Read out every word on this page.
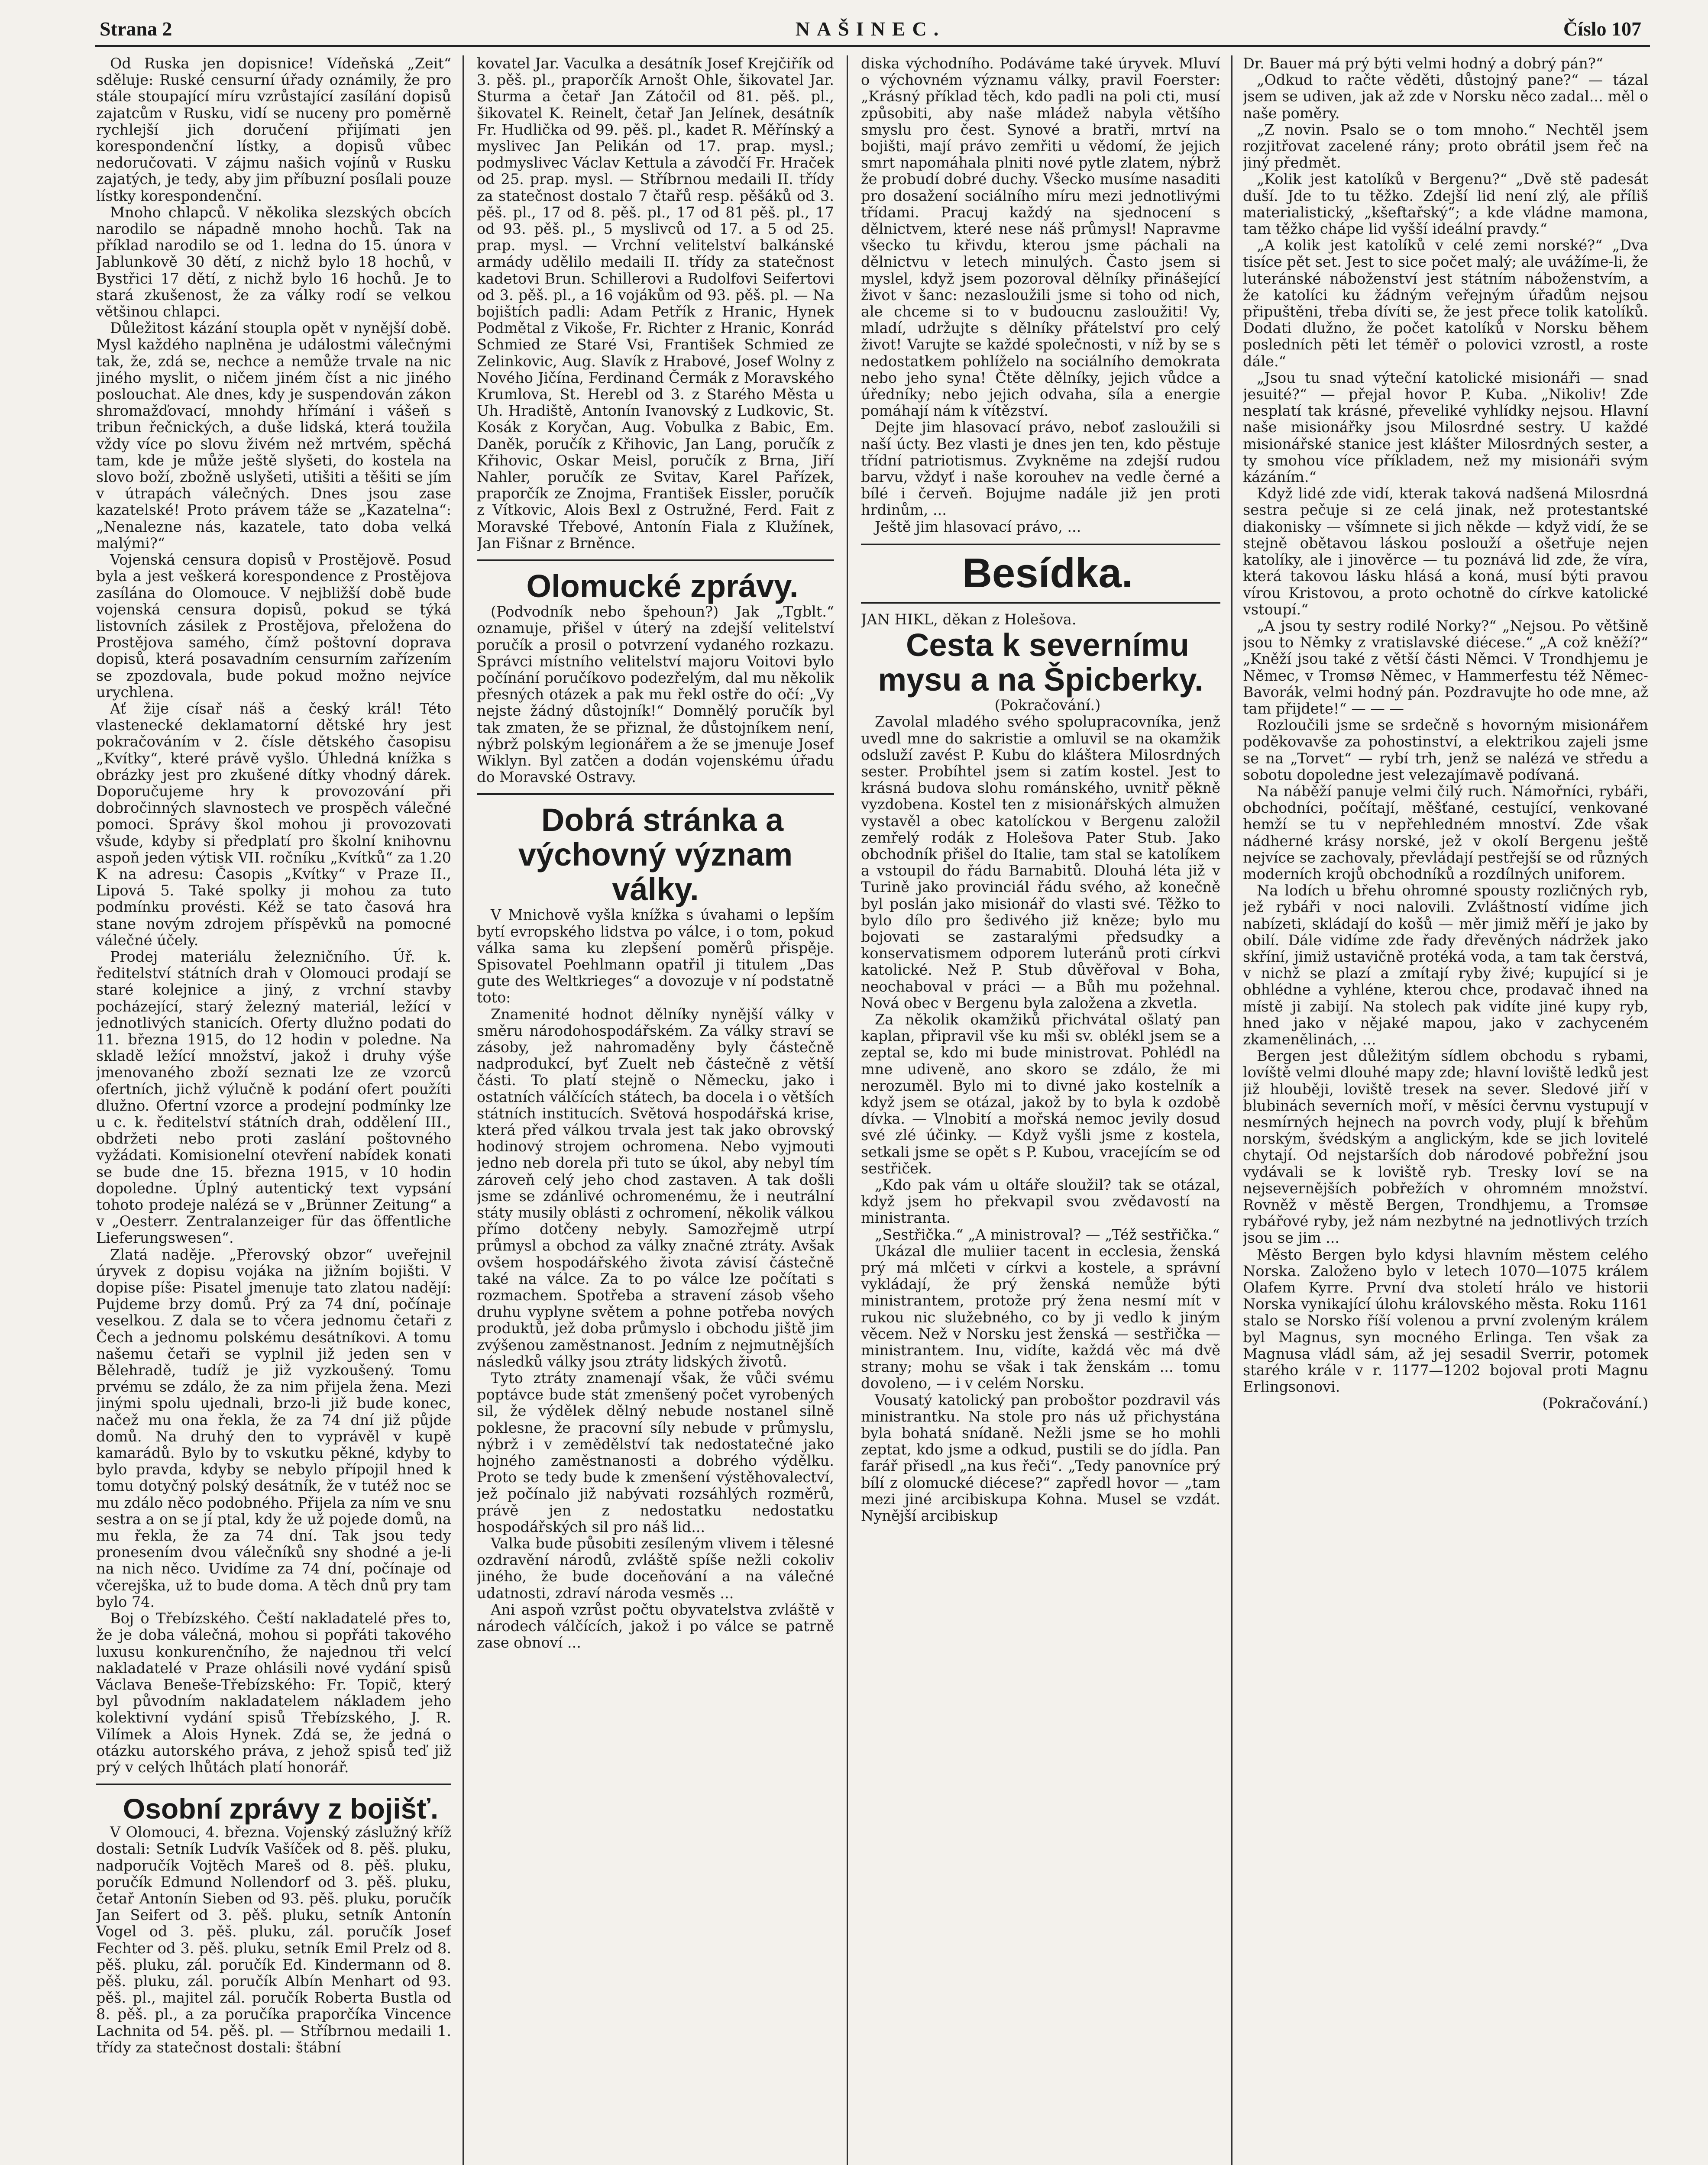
Strana 2	NAŠINEC.	Číslo 107

Od Ruska jen dopisnice! Vídeňská „Zeit“ sděluje: Ruské censurní úřady oznámily, že pro stále stoupající míru vzrůstající zasílání dopisů zajatcům v Rusku, vidí se nuceny pro poměrně rychlejší jich doručení přijímati jen korespondenční lístky, a dopisů vůbec nedoručovati. V zájmu našich vojínů v Rusku zajatých, je tedy, aby jim příbuzní posílali pouze lístky korespondenční.

Mnoho chlapců. V několika slezských obcích narodilo se nápadně mnoho hochů. Tak na příklad narodilo se od 1. ledna do 15. února v Jablunkově 30 dětí, z nichž bylo 18 hochů, v Bystřici 17 dětí, z nichž bylo 16 hochů. Je to stará zkušenost, že za války rodí se velkou většinou chlapci.

Důležitost kázání stoupla opět v nynější době. Mysl každého naplněna je událostmi válečnými tak, že, zdá se, nechce a nemůže trvale na nic jiného myslit, o ničem jiném číst a nic jiného poslouchat. Ale dnes, kdy je suspendován zákon shromažďovací, mnohdy hřímání i vášeň s tribun řečnických, a duše lidská, která toužila vždy více po slovu živém než mrtvém, spěchá tam, kde je může ještě slyšeti, do kostela na slovo boží, zbožně uslyšeti, utišiti a těšiti se jím v útrapách válečných. Dnes jsou zase kazatelské! Proto právem táže se „Kazatelna“: „Nenalezne nás, kazatele, tato doba velká malými?“

Vojenská censura dopisů v Prostějově. Posud byla a jest veškerá korespondence z Prostějova zasílána do Olomouce. V nejbližší době bude vojenská censura dopisů, pokud se týká listovních zásilek z Prostějova, přeložena do Prostějova samého, čímž poštovní doprava dopisů, která posavadním censurním zařízením se zpozdovala, bude pokud možno nejvíce urychlena.

Ať žije císař náš a český král! Této vlastenecké deklamatorní dětské hry jest pokračováním v 2. čísle dětského časopisu „Kvítky“, které právě vyšlo. Úhledná knížka s obrázky jest pro zkušené dítky vhodný dárek. Doporučujeme hry k provozování při dobročinných slavnostech ve prospěch válečné pomoci. Správy škol mohou ji provozovati všude, kdyby si předplatí pro školní knihovnu aspoň jeden výtisk VII. ročníku „Kvítků“ za 1.20 K na adresu: Časopis „Kvítky“ v Praze II., Lipová 5. Také spolky ji mohou za tuto podmínku provésti. Kéž se tato časová hra stane novým zdrojem příspěvků na pomocné válečné účely.

Prodej materiálu železničního. Úř. k. ředitelství státních drah v Olomouci prodají se staré kolejnice a jiný, z vrchní stavby pocházející, starý železný materiál, ležící v jednotlivých stanicích. Oferty dlužno podati do 11. března 1915, do 12 hodin v poledne. Na skladě ležící množství, jakož i druhy výše jmenovaného zboží seznati lze ze vzorců ofertních, jichž výlučně k podání ofert použíti dlužno. Ofertní vzorce a prodejní podmínky lze u c. k. ředitelství státních drah, oddělení III., obdržeti nebo proti zaslání poštovného vyžádati. Komisionelní otevření nabídek konati se bude dne 15. března 1915, v 10 hodin dopoledne. Úplný autentický text vypsání tohoto prodeje nalézá se v „Brünner Zeitung“ a v „Oesterr. Zentralanzeiger für das öffentliche Lieferungswesen“.

Zlatá naděje. „Přerovský obzor“ uveřejnil úryvek z dopisu vojáka na jižním bojišti. V dopise píše: Pisatel jmenuje tato zlatou nadějí: Pujdeme brzy domů. Prý za 74 dní, počínaje veselkou. Z dala se to včera jednomu četaři z Čech a jednomu polskému desátníkovi. A tomu našemu četaři se vyplnil již jeden sen v Bělehradě, tudíž je již vyzkoušený. Tomu prvému se zdálo, že za nim přijela žena. Mezi jinými spolu ujednali, brzo-li již bude konec, načež mu ona řekla, že za 74 dní již půjde domů. Na druhý den to vyprávěl v kupě kamarádů. Bylo by to vskutku pěkné, kdyby to bylo pravda, kdyby se nebylo přípojil hned k tomu dotyčný polský desátník, že v tutéž noc se mu zdálo něco podobného. Přijela za ním ve snu sestra a on se jí ptal, kdy že už pojede domů, na mu řekla, že za 74 dní. Tak jsou tedy pronesením dvou válečníků sny shodné a je-li na nich něco. Uvidíme za 74 dní, počínaje od včerejška, už to bude doma. A těch dnů pry tam bylo 74.

Boj o Třebízského. Čeští nakladatelé přes to, že je doba válečná, mohou si popřáti takového luxusu konkurenčního, že najednou tři velcí nakladatelé v Praze ohlásili nové vydání spisů Václava Beneše-Třebízského: Fr. Topič, který byl původním nakladatelem nákladem jeho kolektivní vydání spisů Třebízského, J. R. Vilímek a Alois Hynek. Zdá se, že jedná o otázku autorského práva, z jehož spisů teď již prý v celých lhůtách platí honorář.

Osobní zprávy z bojišť.

V Olomouci, 4. března. Vojenský záslužný kříž dostali: Setník Ludvík Vašíček od 8. pěš. pluku, nadporučík Vojtěch Mareš od 8. pěš. pluku, poručík Edmund Nollendorf od 3. pěš. pluku, četař Antonín Sieben od 93. pěš. pluku, poručík Jan Seifert od 3. pěš. pluku, setník Antonín Vogel od 3. pěš. pluku, zál. poručík Josef Fechter od 3. pěš. pluku, setník Emil Prelz od 8. pěš. pluku, zál. poručík Ed. Kindermann od 8. pěš. pluku, zál. poručík Albín Menhart od 93. pěš. pl., majitel zál. poručík Roberta Bustla od 8. pěš. pl., a za poručíka praporčíka Vincence Lachnita od 54. pěš. pl. — Stříbrnou medaili 1. třídy za statečnost dostali: štábní

kovatel Jar. Vaculka a desátník Josef Krejčiřík od 3. pěš. pl., praporčík Arnošt Ohle, šikovatel Jar. Sturma a četař Jan Zátočil od 81. pěš. pl., šikovatel K. Reinelt, četař Jan Jelínek, desátník Fr. Hudlička od 99. pěš. pl., kadet R. Měřínský a myslivec Jan Pelikán od 17. prap. mysl.; podmyslivec Václav Kettula a závodčí Fr. Hraček od 25. prap. mysl. — Stříbrnou medaili II. třídy za statečnost dostalo 7 čtařů resp. pěšáků od 3. pěš. pl., 17 od 8. pěš. pl., 17 od 81 pěš. pl., 17 od 93. pěš. pl., 5 myslivců od 17. a 5 od 25. prap. mysl. — Vrchní velitelství balkánské armády udělilo medaili II. třídy za statečnost kadetovi Brun. Schillerovi a Rudolfovi Seifertovi od 3. pěš. pl., a 16 vojákům od 93. pěš. pl. — Na bojištích padli: Adam Petřík z Hranic, Hynek Podmětal z Vikoše, Fr. Richter z Hranic, Konrád Schmied ze Staré Vsi, František Schmied ze Zelinkovic, Aug. Slavík z Hrabové, Josef Wolny z Nového Jičína, Ferdinand Čermák z Moravského Krumlova, St. Herebl od 3. z Starého Města u Uh. Hradiště, Antonín Ivanovský z Ludkovic, St. Kosák z Koryčan, Aug. Vobulka z Babic, Em. Daněk, poručík z Křihovic, Jan Lang, poručík z Křihovic, Oskar Meisl, poručík z Brna, Jiří Nahler, poručík ze Svitav, Karel Pařízek, praporčík ze Znojma, František Eissler, poručík z Vítkovic, Alois Bexl z Ostružné, Ferd. Fait z Moravské Třebové, Antonín Fiala z Klužínek, Jan Fišnar z Brněnce.

Olomucké zprávy.

(Podvodník nebo špehoun?) Jak „Tgblt.“ oznamuje, přišel v úterý na zdejší velitelství poručík a prosil o potvrzení vydaného rozkazu. Správci místního velitelství majoru Voitovi bylo počínání poručíkovo podezřelým, dal mu několik přesných otázek a pak mu řekl ostře do očí: „Vy nejste žádný důstojník!“ Domnělý poručík byl tak zmaten, že se přiznal, že důstojníkem není, nýbrž polským legionářem a že se jmenuje Josef Wiklyn. Byl zatčen a dodán vojenskému úřadu do Moravské Ostravy.

Dobrá stránka a výchovný význam války.

V Mnichově vyšla knížka s úvahami o lepším bytí evropského lidstva po válce, i o tom, pokud válka sama ku zlepšení poměrů přispěje. Spisovatel Poehlmann opatřil ji titulem „Das gute des Weltkrieges“ a dovozuje v ní podstatně toto:

Znamenité hodnot dělníky nynější války v směru národohospodářském. Za války straví se zásoby, jež nahromaděny byly částečně nadprodukcí, byť Zuelt neb částečně z větší části. To platí stejně o Německu, jako i ostatních válčících státech, ba docela i o větších státních institucích. Světová hospodářská krise, která před válkou trvala jest tak jako obrovský hodinový strojem ochromena. Nebo vyjmouti jedno neb dorela při tuto se úkol, aby nebyl tím zároveň celý jeho chod zastaven. A tak došli jsme se zdánlivé ochromenému, že i neutrální státy musily oblásti z ochromení, několik válkou přímo dotčeny nebyly. Samozřejmě utrpí průmysl a obchod za války značné ztráty. Avšak ovšem hospodářského života závisí částečně také na válce. Za to po válce lze počítati s rozmachem. Spotřeba a stravení zásob všeho druhu vyplyne světem a pohne potřeba nových produktů, jež doba průmyslo i obchodu jiště jim zvýšenou zaměstnanost. Jedním z nejmutnějších následků války jsou ztráty lidských životů.

Tyto ztráty znamenají však, že vůči svému poptávce bude stát zmenšený počet vyrobených sil, že výdělek dělný nebude nostanel silně poklesne, že pracovní síly nebude v průmyslu, nýbrž i v zemědělství tak nedostatečné jako hojného zaměstnanosti a dobrého výdělku. Proto se tedy bude k zmenšení výstěhovalectví, jež počínalo již nabývati rozsáhlých rozměrů, právě jen z nedostatku nedostatku hospodářských sil pro náš lid...

Valka bude působiti zesíleným vlivem i tělesné ozdravění národů, zvláště spíše nežli cokoliv jiného, že bude doceňování a na válečné udatnosti, zdraví národa vesměs ...

Ani aspoň vzrůst počtu obyvatelstva zvláště v národech válčících, jakož i po válce se patrně zase obnoví ...

diska východního. Podáváme také úryvek. Mluví o výchovném významu války, pravil Foerster: „Krásný příklad těch, kdo padli na poli cti, musí způsobiti, aby naše mládež nabyla většího smyslu pro čest. Synové a bratři, mrtví na bojišti, mají právo zemřiti u vědomí, že jejich smrt napomáhala plniti nové pytle zlatem, nýbrž že probudí dobré duchy. Všecko musíme nasaditi pro dosažení sociálního míru mezi jednotlivými třídami. Pracuj každý na sjednocení s dělnictvem, které nese náš průmysl! Napravme všecko tu křivdu, kterou jsme páchali na dělnictvu v letech minulých. Často jsem si myslel, když jsem pozoroval dělníky přinášející život v šanc: nezasloužili jsme si toho od nich, ale chceme si to v budoucnu zasloužiti! Vy, mladí, udržujte s dělníky přátelství pro celý život! Varujte se každé společnosti, v níž by se s nedostatkem pohlíželo na sociálního demokrata nebo jeho syna! Čtěte dělníky, jejich vůdce a úředníky; nebo jejich odvaha, síla a energie pomáhají nám k vítězství.

Dejte jim hlasovací právo, neboť zasloužili si naší úcty. Bez vlasti je dnes jen ten, kdo pěstuje třídní patriotismus. Zvykněme na zdejší rudou barvu, vždyť i naše korouhev na vedle černé a bílé i červeň. Bojujme nadále již jen proti hrdinům, ...

Ještě jim hlasovací právo, ...

Besídka.

JAN HIKL, děkan z Holešova.

Cesta k severnímu mysu a na Špicberky.

(Pokračování.)

Zavolal mladého svého spolupracovníka, jenž uvedl mne do sakristie a omluvil se na okamžik odsluží zavést P. Kubu do kláštera Milosrdných sester. Probíhtel jsem si zatím kostel. Jest to krásná budova slohu románského, uvnitř pěkně vyzdobena. Kostel ten z misionářských almužen vystavěl a obec katolíckou v Bergenu založil zemřelý rodák z Holešova Pater Stub. Jako obchodník přišel do Italie, tam stal se katolíkem a vstoupil do řádu Barnabitů. Dlouhá léta již v Turině jako provinciál řádu svého, až konečně byl poslán jako misionář do vlasti své. Těžko to bylo dílo pro šedivého již kněze; bylo mu bojovati se zastaralými předsudky a konservatismem odporem luteránů proti církvi katolické. Než P. Stub důvěřoval v Boha, neochaboval v práci — a Bůh mu požehnal. Nová obec v Bergenu byla založena a zkvetla.

Za několik okamžiků přichvátal ošlatý pan kaplan, připravil vše ku mši sv. oblékl jsem se a zeptal se, kdo mi bude ministrovat. Pohlédl na mne udiveně, ano skoro se zdálo, že mi nerozuměl. Bylo mi to divné jako kostelník a když jsem se otázal, jakož by to byla k ozdobě dívka. — Vlnobití a mořská nemoc jevily dosud své zlé účinky. — Když vyšli jsme z kostela, setkali jsme se opět s P. Kubou, vracejícím se od sestřiček.

„Kdo pak vám u oltáře sloužil? tak se otázal, když jsem ho překvapil svou zvědavostí na ministranta.

„Sestřička.“ „A ministroval? — „Též sestřička.“

Ukázal dle muliier tacent in ecclesia, ženská prý má mlčeti v církvi a kostele, a správní vykládají, že prý ženská nemůže býti ministrantem, protože prý žena nesmí mít v rukou nic služebného, co by ji vedlo k jiným věcem. Než v Norsku jest ženská — sestřička — ministrantem. Inu, vidíte, každá věc má dvě strany; mohu se však i tak ženskám ... tomu dovoleno, — i v celém Norsku.

Vousatý katolický pan proboštor pozdravil vás ministrantku. Na stole pro nás už přichystána byla bohatá snídaně. Nežli jsme se ho mohli zeptat, kdo jsme a odkud, pustili se do jídla. Pan farář přisedl „na kus řeči“. „Tedy panovníce prý bílí z olomucké diécese?“ zapředl hovor — „tam mezi jiné arcibiskupa Kohna. Musel se vzdát. Nynější arcibiskup

Dr. Bauer má prý býti velmi hodný a dobrý pán?“

„Odkud to račte věděti, důstojný pane?“ — tázal jsem se udiven, jak až zde v Norsku něco zadal... měl o naše poměry.

„Z novin. Psalo se o tom mnoho.“ Nechtěl jsem rozjitřovat zacelené rány; proto obrátil jsem řeč na jiný předmět.

„Kolik jest katolíků v Bergenu?“ „Dvě stě padesát duší. Jde to tu těžko. Zdejší lid není zlý, ale příliš materialistický, „kšeftařský“; a kde vládne mamona, tam těžko chápe lid vyšší ideální pravdy.“

„A kolik jest katolíků v celé zemi norské?“ „Dva tisíce pět set. Jest to sice počet malý; ale uvážíme-li, že luteránské náboženství jest státním náboženstvím, a že katolíci ku žádným veřejným úřadům nejsou připuštěni, třeba dívíti se, že jest přece tolik katolíků. Dodati dlužno, že počet katolíků v Norsku během posledních pěti let téměř o polovici vzrostl, a roste dále.“

„Jsou tu snad výteční katolické misionáři — snad jesuité?“ — přejal hovor P. Kuba. „Nikoliv! Zde nesplatí tak krásné, převeliké vyhlídky nejsou. Hlavní naše misionářky jsou Milosrdné sestry. U každé misionářské stanice jest klášter Milosrdných sester, a ty smohou více příkladem, než my misionáři svým kázáním.“

Když lidé zde vidí, kterak taková nadšená Milosrdná sestra pečuje si ze celá jinak, než protestantské diakonisky — všímnete si jich někde — když vidí, že se stejně obětavou láskou poslouží a ošetřuje nejen katolíky, ale i jinověrce — tu poznává lid zde, že víra, která takovou lásku hlásá a koná, musí býti pravou vírou Kristovou, a proto ochotně do církve katolické vstoupí.“

„A jsou ty sestry rodilé Norky?“ „Nejsou. Po většině jsou to Němky z vratislavské diécese.“ „A což kněží?“ „Kněží jsou také z větší části Němci. V Trondhjemu je Němec, v Tromsø Němec, v Hammerfestu též Němec-Bavorák, velmi hodný pán. Pozdravujte ho ode mne, až tam přijdete!“ — — —

Rozloučili jsme se srdečně s hovorným misionářem poděkovavše za pohostinství, a elektrikou zajeli jsme se na „Torvet“ — rybí trh, jenž se nalézá ve středu a sobotu dopoledne jest velezajímavě podívaná.

Na náběží panuje velmi čilý ruch. Námořníci, rybáři, obchodníci, počítají, měšťané, cestující, venkované hemží se tu v nepřehledném mnoství. Zde však nádherné krásy norské, jež v okolí Bergenu ještě nejvíce se zachovaly, převládají pestřejší se od různých moderních krojů obchodníků a rozdílných uniforem.

Na lodích u břehu ohromné spousty rozličných ryb, jež rybáři v noci nalovili. Zvláštností vidíme jich nabízeti, skládají do košů — měr jimiž měří je jako by obilí. Dále vidíme zde řady dřevěných nádržek jako skříní, jimiž ustavičně protéká voda, a tam tak čerstvá, v nichž se plazí a zmítají ryby živé; kupující si je obhlédne a vyhléne, kterou chce, prodavač ihned na místě ji zabijí. Na stolech pak vidíte jiné kupy ryb, hned jako v nějaké mapou, jako v zachyceném zkamenělinách, ...

Bergen jest důležitým sídlem obchodu s rybami, lovíště velmi dlouhé mapy zde; hlavní loviště ledků jest již hlouběji, loviště tresek na sever. Sledové jiří v blubinách severních moří, v měsíci červnu vystupují v nesmírných hejnech na povrch vody, plují k břehům norským, švédským a anglickým, kde se jich lovitelé chytají. Od nejstarších dob národové pobřežní jsou vydávali se k loviště ryb. Tresky loví se na nejsevernějších pobřežích v ohromném množství. Rovněž v městě Bergen, Trondhjemu, a Tromsøe rybářové ryby, jež nám nezbytné na jednotlivých trzích jsou se jim ...

Město Bergen bylo kdysi hlavním městem celého Norska. Založeno bylo v letech 1070—1075 králem Olafem Kyrre. První dva století hrálo ve historii Norska vynikající úlohu královského města. Roku 1161 stalo se Norsko říší volenou a první zvoleným králem byl Magnus, syn mocného Erlinga. Ten však za Magnusa vládl sám, až jej sesadil Sverrir, potomek starého krále v r. 1177—1202 bojoval proti Magnu Erlingsonovi.

(Pokračování.)
